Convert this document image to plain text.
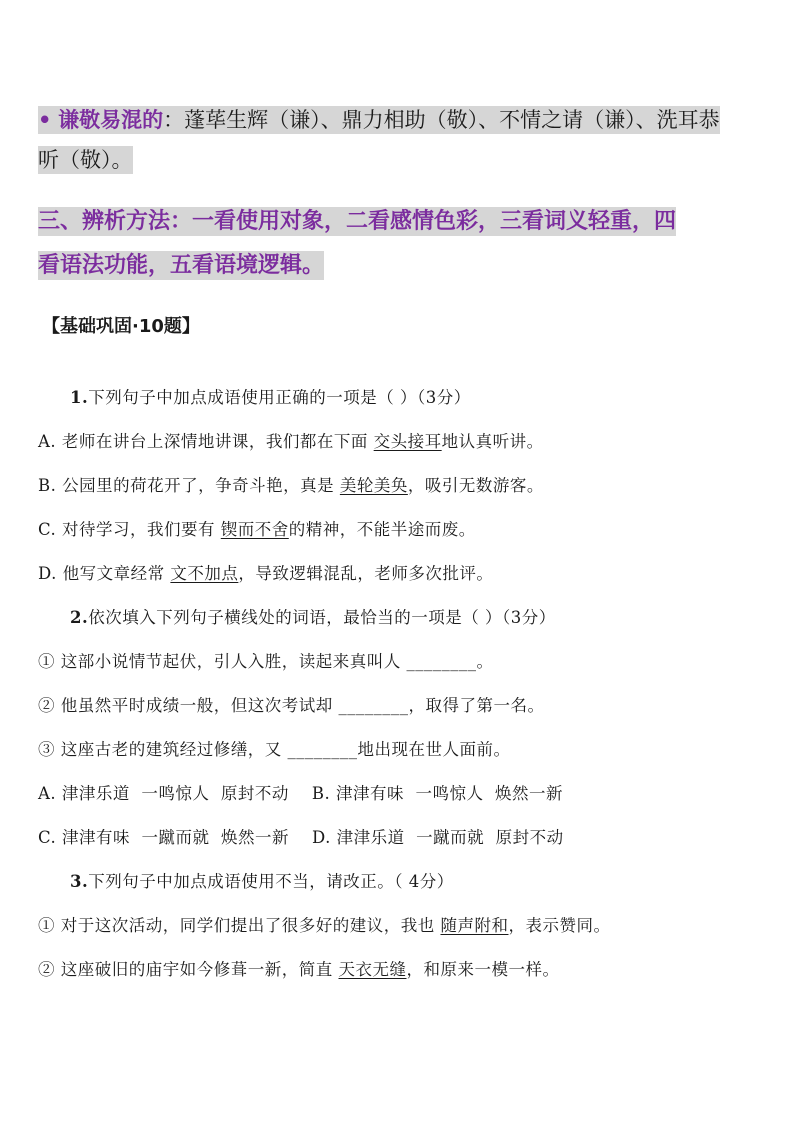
• 谦敬易混的：蓬荜生辉（谦）、鼎力相助（敬）、不情之请（谦）、洗耳恭听（敬）。
三、辨析方法：一看使用对象，二看感情色彩，三看词义轻重，四
看语法功能，五看语境逻辑。
【基础巩固·10题】
1.下列句子中加点成语使用正确的一项是（ ）（3分）
A. 老师在讲台上深情地讲课，我们都在下面 交头接耳地认真听讲。
B. 公园里的荷花开了，争奇斗艳，真是 美轮美奂，吸引无数游客。
C. 对待学习，我们要有 锲而不舍的精神，不能半途而废。
D. 他写文章经常 文不加点，导致逻辑混乱，老师多次批评。
2.依次填入下列句子横线处的词语，最恰当的一项是（ ）（3分）
① 这部小说情节起伏，引人入胜，读起来真叫人 ________。
② 他虽然平时成绩一般，但这次考试却 ________，取得了第一名。
③ 这座古老的建筑经过修缮，又 ________地出现在世人面前。
A. 津津乐道  一鸣惊人  原封不动    B. 津津有味  一鸣惊人  焕然一新
C. 津津有味  一蹴而就  焕然一新    D. 津津乐道  一蹴而就  原封不动
3.下列句子中加点成语使用不当，请改正。（ 4分）
① 对于这次活动，同学们提出了很多好的建议，我也 随声附和，表示赞同。
② 这座破旧的庙宇如今修葺一新，简直 天衣无缝，和原来一模一样。
